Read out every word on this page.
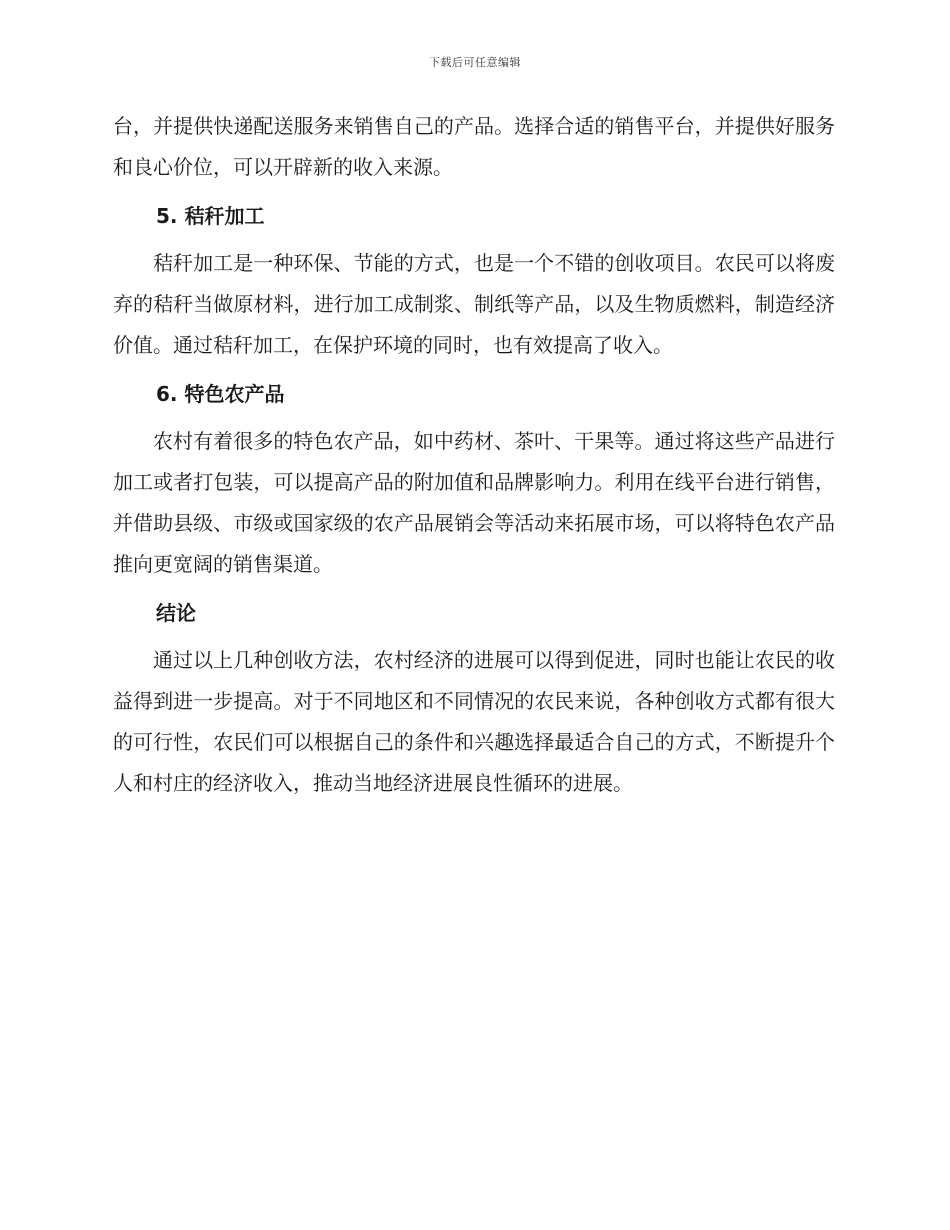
下载后可任意编辑

台，并提供快递配送服务来销售自己的产品。选择合适的销售平台，并提供好服务和良心价位，可以开辟新的收入来源。

5. 秸秆加工

秸秆加工是一种环保、节能的方式，也是一个不错的创收项目。农民可以将废弃的秸秆当做原材料，进行加工成制浆、制纸等产品，以及生物质燃料，制造经济价值。通过秸秆加工，在保护环境的同时，也有效提高了收入。

6. 特色农产品

农村有着很多的特色农产品，如中药材、茶叶、干果等。通过将这些产品进行加工或者打包装，可以提高产品的附加值和品牌影响力。利用在线平台进行销售，并借助县级、市级或国家级的农产品展销会等活动来拓展市场，可以将特色农产品推向更宽阔的销售渠道。

结论

通过以上几种创收方法，农村经济的进展可以得到促进，同时也能让农民的收益得到进一步提高。对于不同地区和不同情况的农民来说，各种创收方式都有很大的可行性，农民们可以根据自己的条件和兴趣选择最适合自己的方式，不断提升个人和村庄的经济收入，推动当地经济进展良性循环的进展。
